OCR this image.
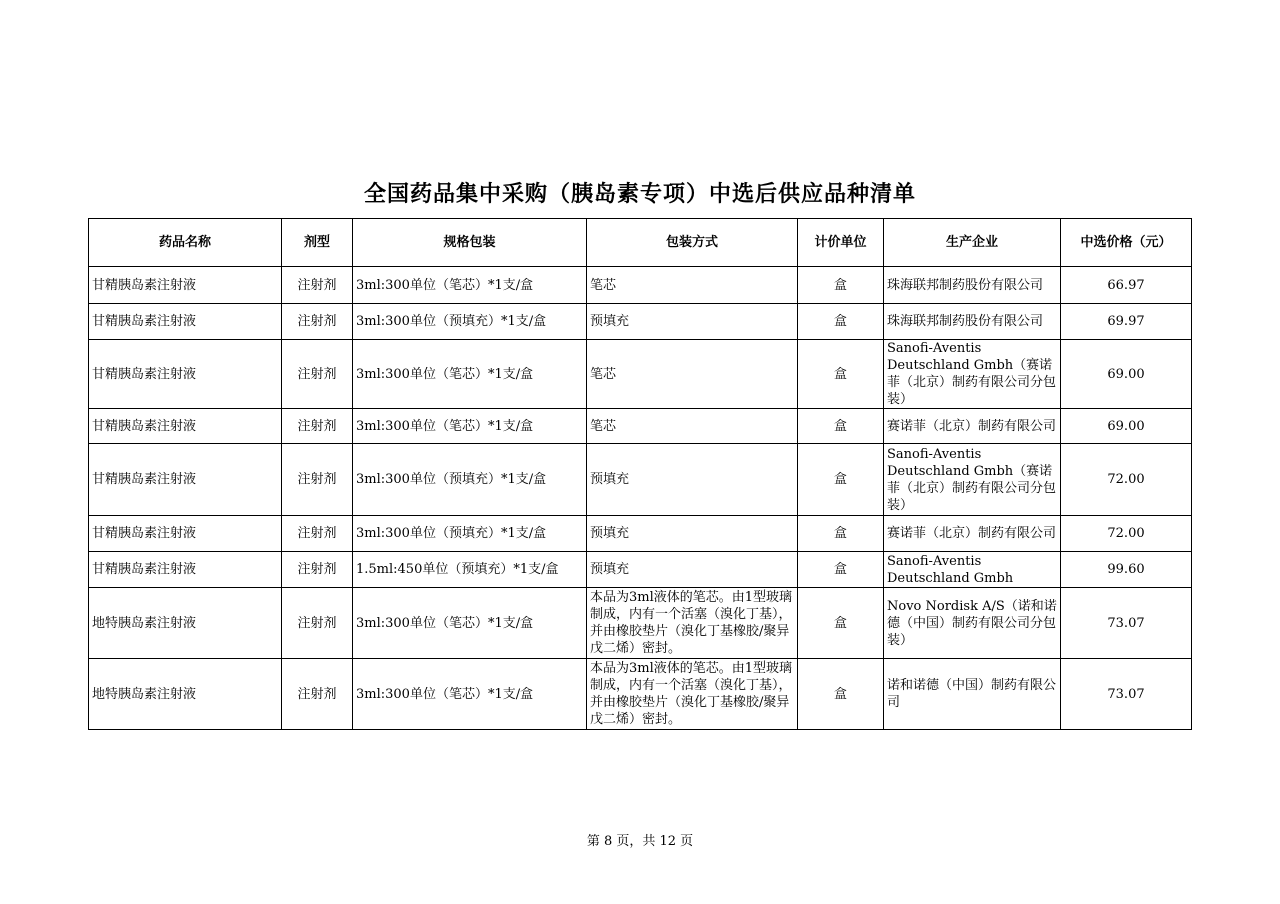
全国药品集中采购（胰岛素专项）中选后供应品种清单
药品名称	剂型	规格包装	包装方式	计价单位	生产企业	中选价格（元）
甘精胰岛素注射液	注射剂	3ml:300单位（笔芯）*1支/盒	笔芯	盒	珠海联邦制药股份有限公司	66.97
甘精胰岛素注射液	注射剂	3ml:300单位（预填充）*1支/盒	预填充	盒	珠海联邦制药股份有限公司	69.97
甘精胰岛素注射液	注射剂	3ml:300单位（笔芯）*1支/盒	笔芯	盒	Sanofi-Aventis Deutschland Gmbh（赛诺菲（北京）制药有限公司分包装）	69.00
甘精胰岛素注射液	注射剂	3ml:300单位（笔芯）*1支/盒	笔芯	盒	赛诺菲（北京）制药有限公司	69.00
甘精胰岛素注射液	注射剂	3ml:300单位（预填充）*1支/盒	预填充	盒	Sanofi-Aventis Deutschland Gmbh（赛诺菲（北京）制药有限公司分包装）	72.00
甘精胰岛素注射液	注射剂	3ml:300单位（预填充）*1支/盒	预填充	盒	赛诺菲（北京）制药有限公司	72.00
甘精胰岛素注射液	注射剂	1.5ml:450单位（预填充）*1支/盒	预填充	盒	Sanofi-Aventis Deutschland Gmbh	99.60
地特胰岛素注射液	注射剂	3ml:300单位（笔芯）*1支/盒	本品为3ml液体的笔芯。由1型玻璃制成，内有一个活塞（溴化丁基），并由橡胶垫片（溴化丁基橡胶/聚异戊二烯）密封。	盒	Novo Nordisk A/S（诺和诺德（中国）制药有限公司分包装）	73.07
地特胰岛素注射液	注射剂	3ml:300单位（笔芯）*1支/盒	本品为3ml液体的笔芯。由1型玻璃制成，内有一个活塞（溴化丁基），并由橡胶垫片（溴化丁基橡胶/聚异戊二烯）密封。	盒	诺和诺德（中国）制药有限公司	73.07
第 8 页，共 12 页
